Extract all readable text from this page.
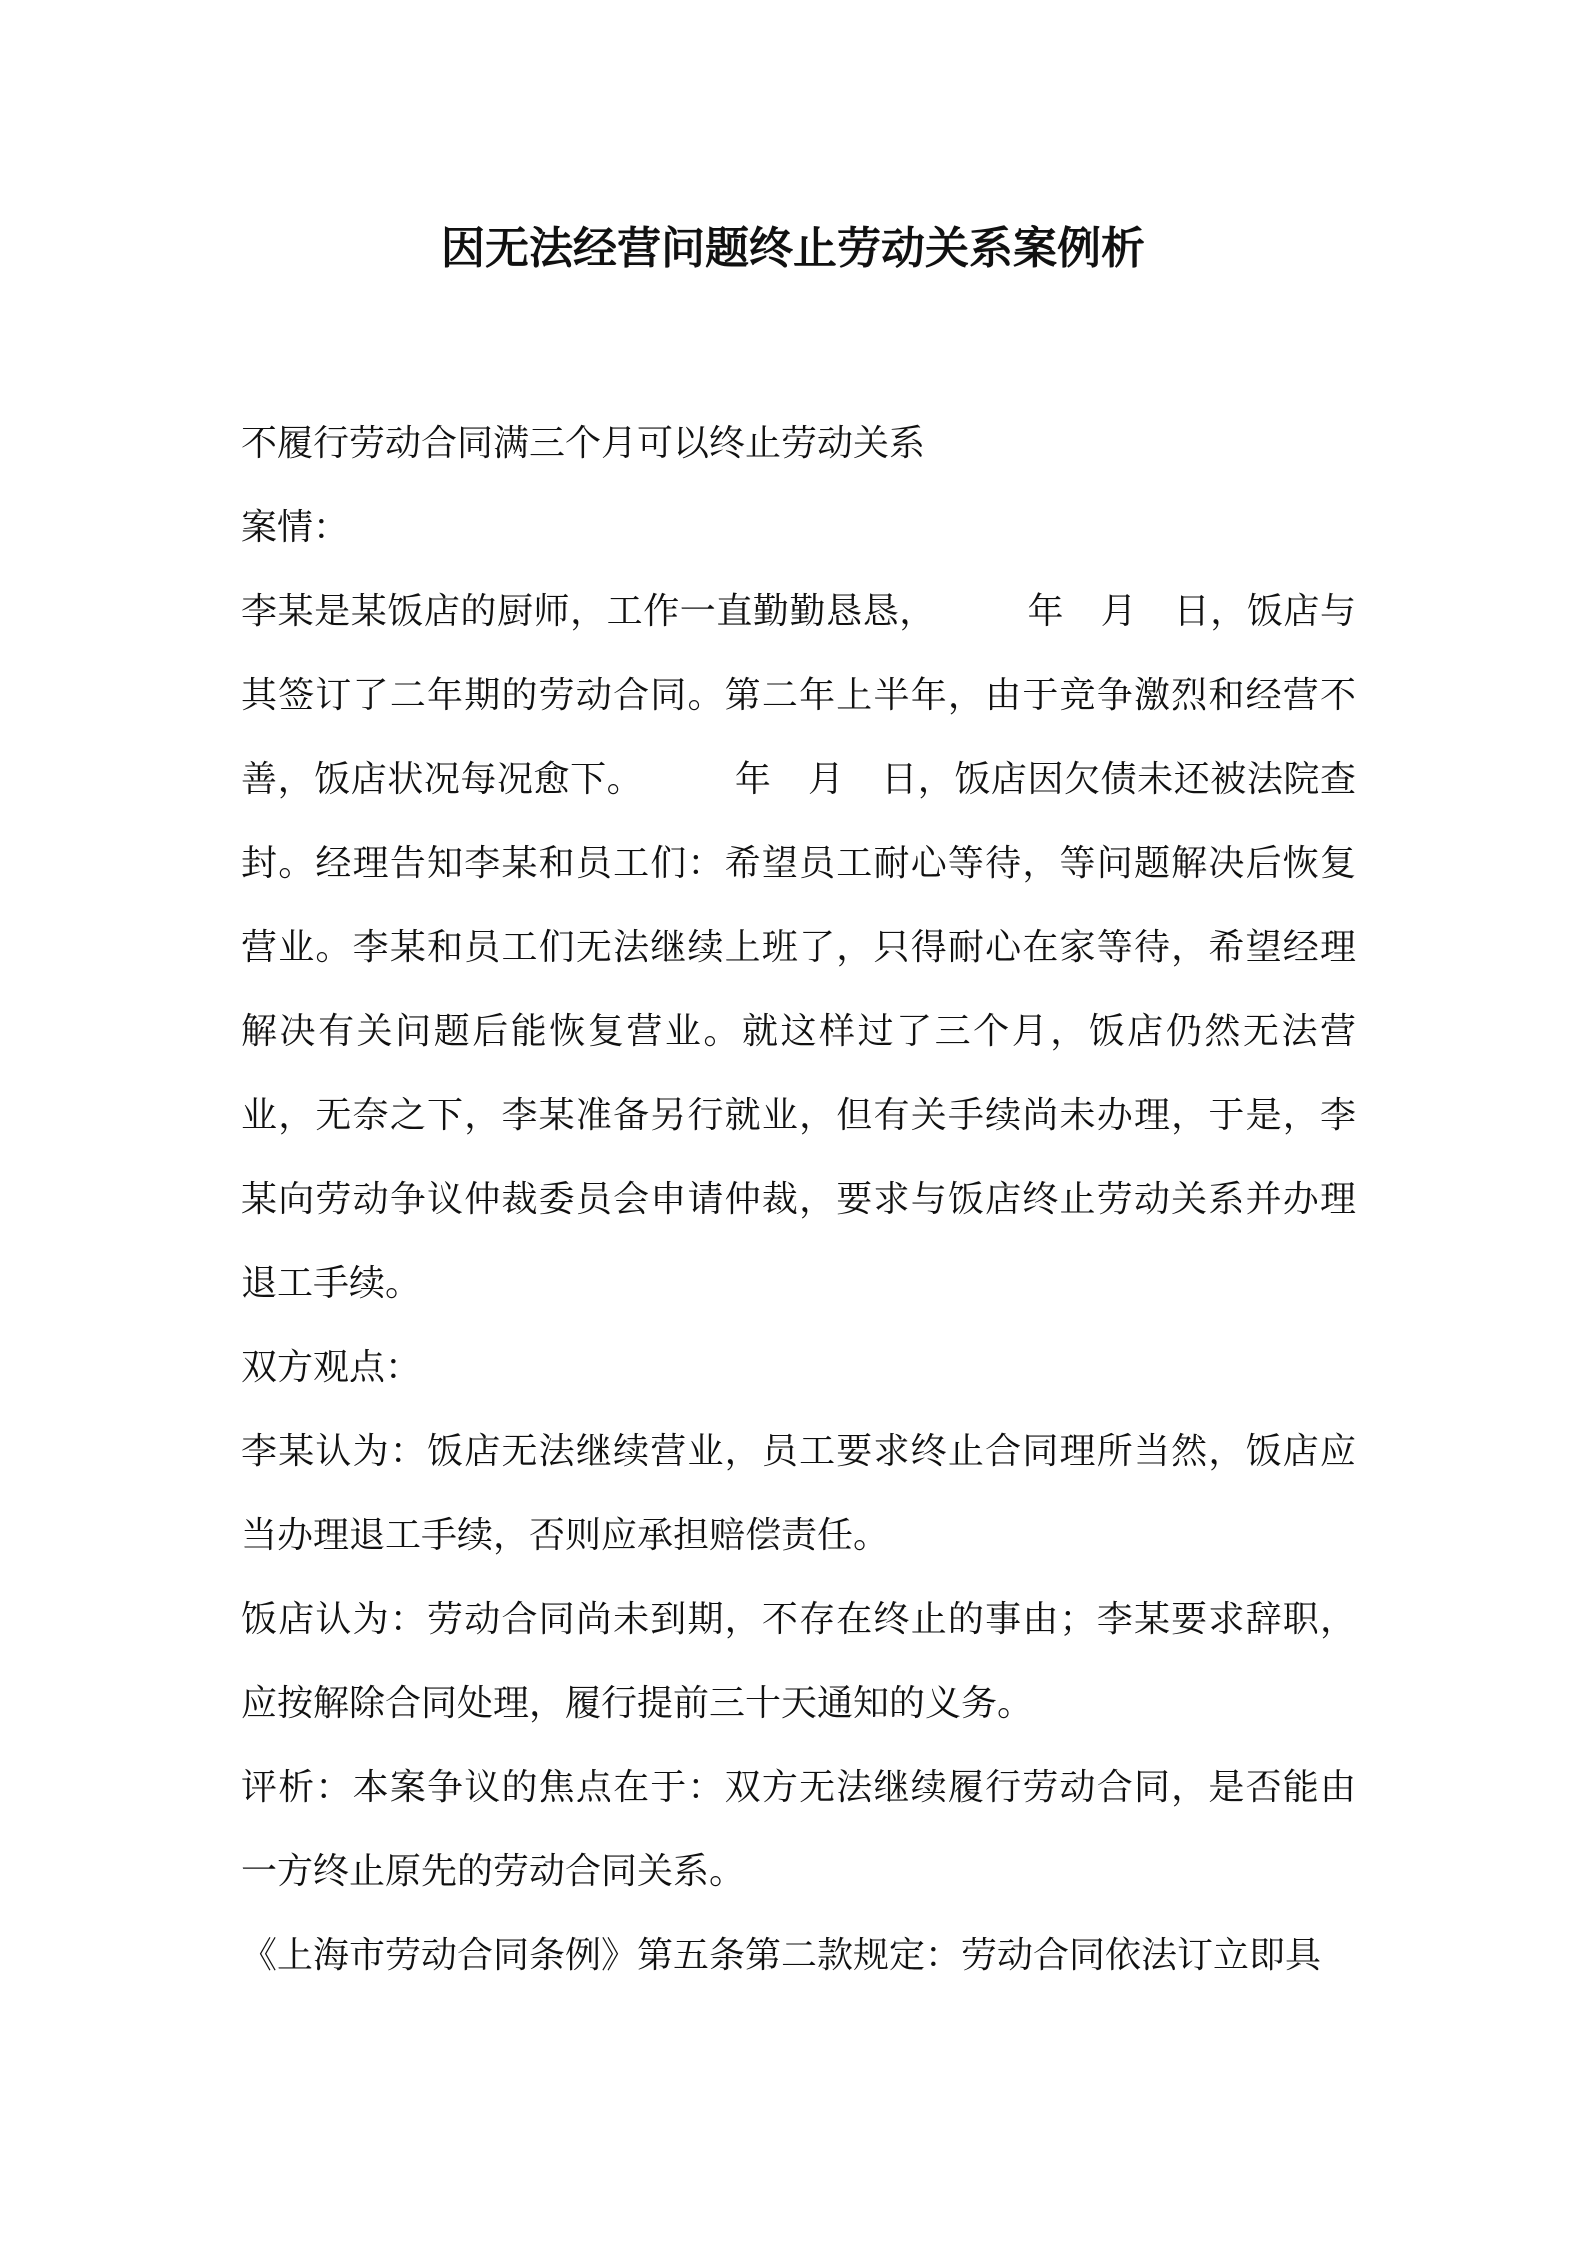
因无法经营问题终止劳动关系案例析

不履行劳动合同满三个月可以终止劳动关系

案情：

李某是某饭店的厨师，工作一直勤勤恳恳，　　　年　月　日，饭店与其签订了二年期的劳动合同。第二年上半年，由于竞争激烈和经营不善，饭店状况每况愈下。　　　年　月　日，饭店因欠债未还被法院查封。经理告知李某和员工们：希望员工耐心等待，等问题解决后恢复营业。李某和员工们无法继续上班了，只得耐心在家等待，希望经理解决有关问题后能恢复营业。就这样过了三个月，饭店仍然无法营业，无奈之下，李某准备另行就业，但有关手续尚未办理，于是，李某向劳动争议仲裁委员会申请仲裁，要求与饭店终止劳动关系并办理退工手续。

双方观点：

李某认为：饭店无法继续营业，员工要求终止合同理所当然，饭店应当办理退工手续，否则应承担赔偿责任。

饭店认为：劳动合同尚未到期，不存在终止的事由；李某要求辞职，应按解除合同处理，履行提前三十天通知的义务。

评析：本案争议的焦点在于：双方无法继续履行劳动合同，是否能由一方终止原先的劳动合同关系。

《上海市劳动合同条例》第五条第二款规定：劳动合同依法订立即具
